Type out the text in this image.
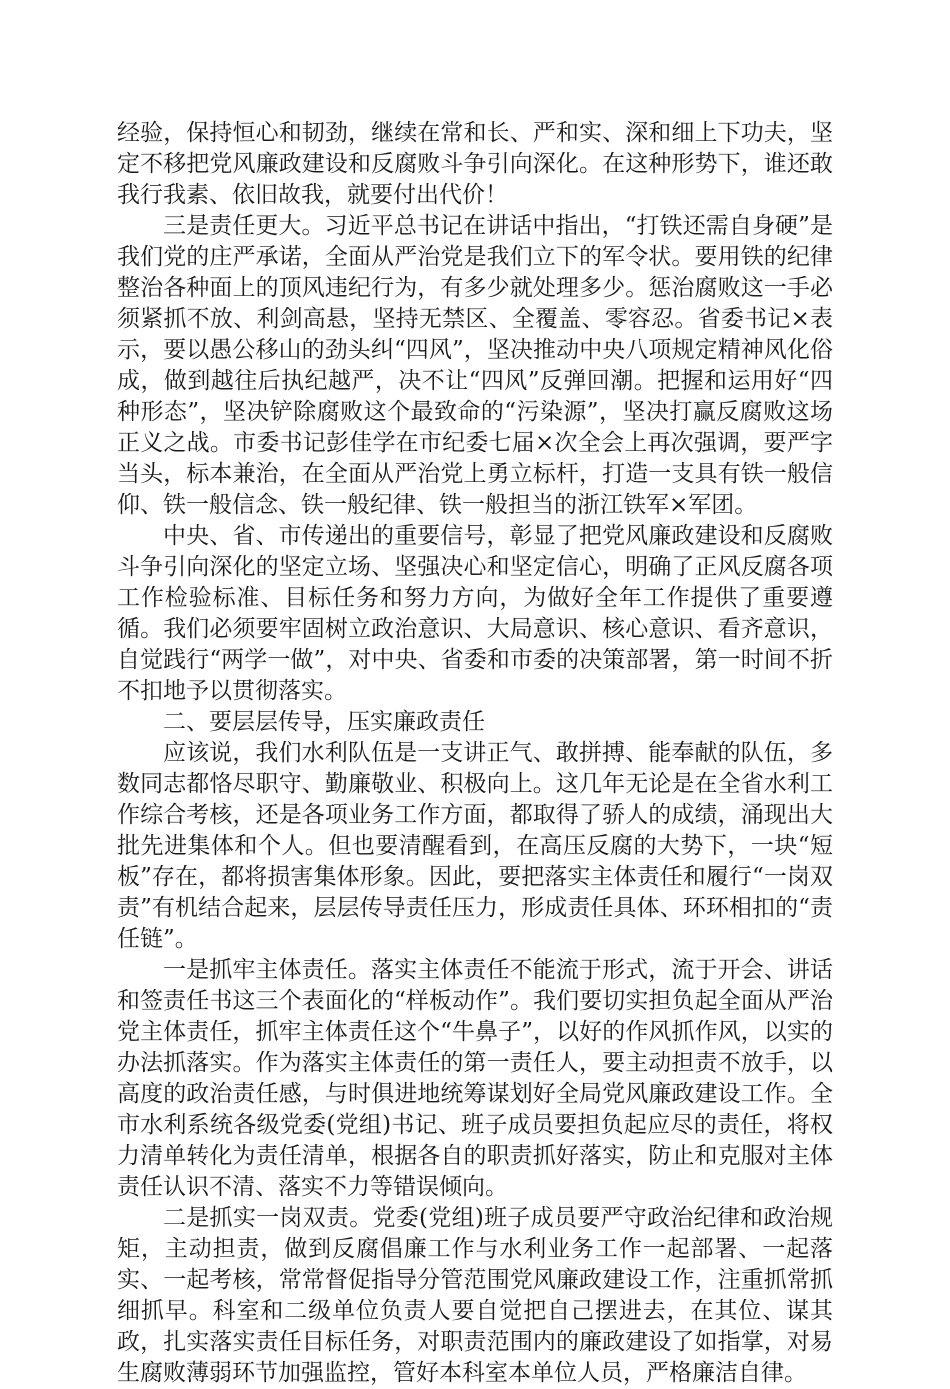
经验，保持恒心和韧劲，继续在常和长、严和实、深和细上下功夫，坚定不移把党风廉政建设和反腐败斗争引向深化。在这种形势下，谁还敢我行我素、依旧故我，就要付出代价！

三是责任更大。习近平总书记在讲话中指出，“打铁还需自身硬”是我们党的庄严承诺，全面从严治党是我们立下的军令状。要用铁的纪律整治各种面上的顶风违纪行为，有多少就处理多少。惩治腐败这一手必须紧抓不放、利剑高悬，坚持无禁区、全覆盖、零容忍。省委书记×表示，要以愚公移山的劲头纠“四风”，坚决推动中央八项规定精神风化俗成，做到越往后执纪越严，决不让“四风”反弹回潮。把握和运用好“四种形态”，坚决铲除腐败这个最致命的“污染源”，坚决打赢反腐败这场正义之战。市委书记彭佳学在市纪委七届×次全会上再次强调，要严字当头，标本兼治，在全面从严治党上勇立标杆，打造一支具有铁一般信仰、铁一般信念、铁一般纪律、铁一般担当的浙江铁军×军团。

中央、省、市传递出的重要信号，彰显了把党风廉政建设和反腐败斗争引向深化的坚定立场、坚强决心和坚定信心，明确了正风反腐各项工作检验标准、目标任务和努力方向，为做好全年工作提供了重要遵循。我们必须要牢固树立政治意识、大局意识、核心意识、看齐意识，自觉践行“两学一做”，对中央、省委和市委的决策部署，第一时间不折不扣地予以贯彻落实。

二、要层层传导，压实廉政责任

应该说，我们水利队伍是一支讲正气、敢拼搏、能奉献的队伍，多数同志都恪尽职守、勤廉敬业、积极向上。这几年无论是在全省水利工作综合考核，还是各项业务工作方面，都取得了骄人的成绩，涌现出大批先进集体和个人。但也要清醒看到，在高压反腐的大势下，一块“短板”存在，都将损害集体形象。因此，要把落实主体责任和履行“一岗双责”有机结合起来，层层传导责任压力，形成责任具体、环环相扣的“责任链”。

一是抓牢主体责任。落实主体责任不能流于形式，流于开会、讲话和签责任书这三个表面化的“样板动作”。我们要切实担负起全面从严治党主体责任，抓牢主体责任这个“牛鼻子”，以好的作风抓作风，以实的办法抓落实。作为落实主体责任的第一责任人，要主动担责不放手，以高度的政治责任感，与时俱进地统筹谋划好全局党风廉政建设工作。全市水利系统各级党委(党组)书记、班子成员要担负起应尽的责任，将权力清单转化为责任清单，根据各自的职责抓好落实，防止和克服对主体责任认识不清、落实不力等错误倾向。

二是抓实一岗双责。党委(党组)班子成员要严守政治纪律和政治规矩，主动担责，做到反腐倡廉工作与水利业务工作一起部署、一起落实、一起考核，常常督促指导分管范围党风廉政建设工作，注重抓常抓细抓早。科室和二级单位负责人要自觉把自己摆进去，在其位、谋其政，扎实落实责任目标任务，对职责范围内的廉政建设了如指掌，对易生腐败薄弱环节加强监控，管好本科室本单位人员，严格廉洁自律。
